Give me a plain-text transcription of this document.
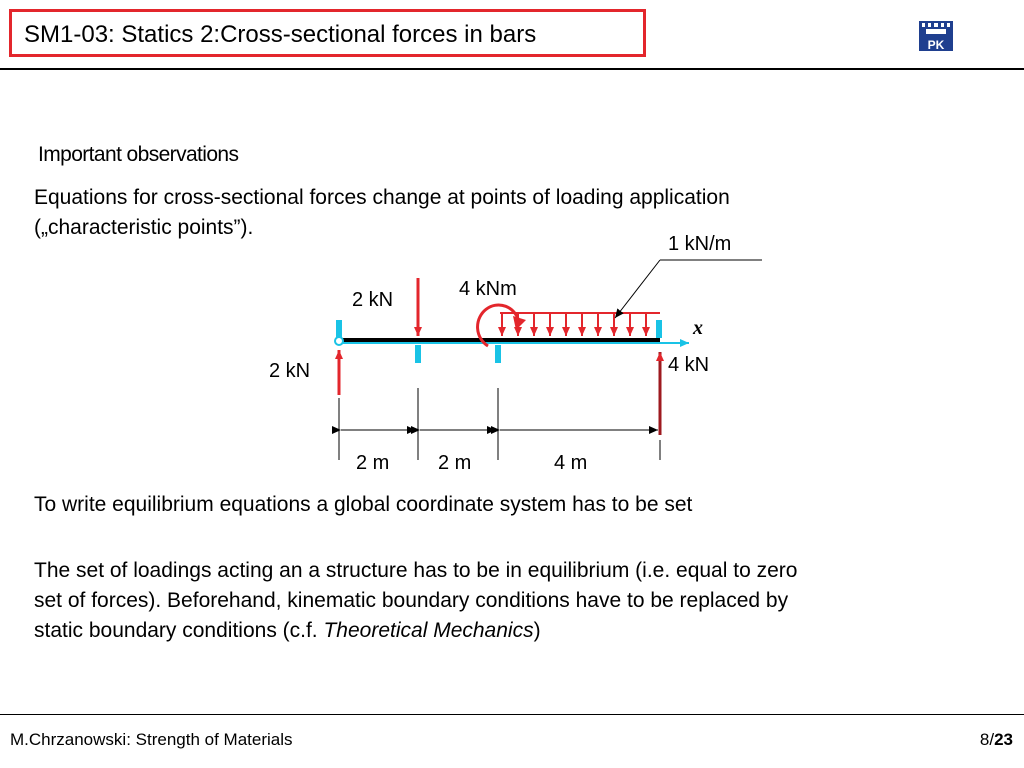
SM1-03: Statics 2:Cross-sectional forces in bars	PK
Important observations
Equations for cross-sectional forces change at points of loading application
(„characteristic points”).
x
2 kN	4 kN
2 kN	4 kNm
1 kN/m
2 m 2 m	4 m
To write equilibrium equations a global coordinate system has to be set
The set of loadings acting an a structure has to be in equilibrium (i.e. equal to zero
set of forces). Beforehand, kinematic boundary conditions have to be replaced by
static boundary conditions (c.f. Theoretical Mechanics)
M.Chrzanowski: Strength of Materials	8/23
